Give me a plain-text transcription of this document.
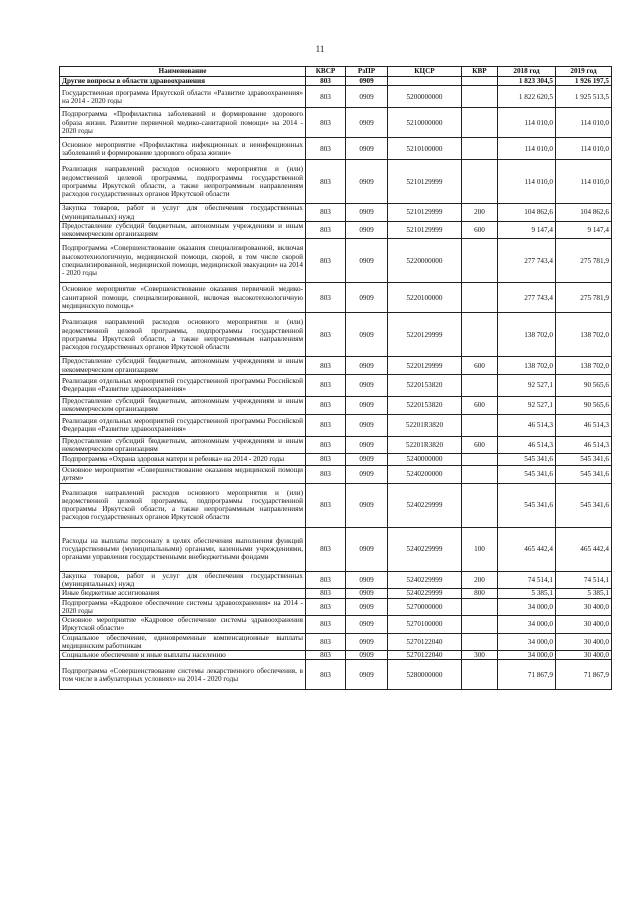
11
Наименование	КВСР	РзПР	КЦСР	КВР	2018 год	2019 год
Другие вопросы в области здравоохранения	803	0909			1 823 304,5	1 926 197,5
Государственная программа Иркутской области «Развитие здравоохранения» на 2014 - 2020 годы	803	0909	5200000000		1 822 620,5	1 925 513,5
Подпрограмма «Профилактика заболеваний и формирование здорового образа жизни. Развитие первичной медико-санитарной помощи» на 2014 - 2020 годы	803	0909	5210000000		114 010,0	114 010,0
Основное мероприятие «Профилактика инфекционных и неинфекционных заболеваний и формирование здорового образа жизни»	803	0909	5210100000		114 010,0	114 010,0
Реализация направлений расходов основного мероприятия и (или) ведомственной целевой программы, подпрограммы государственной программы Иркутской области, а также непрограммным направлениям расходов государственных органов Иркутской области	803	0909	5210129999		114 010,0	114 010,0
Закупка товаров, работ и услуг для обеспечения государственных (муниципальных) нужд	803	0909	5210129999	200	104 862,6	104 862,6
Предоставление субсидий бюджетным, автономным учреждениям и иным некоммерческим организациям	803	0909	5210129999	600	9 147,4	9 147,4
Подпрограмма «Совершенствование оказания специализированной, включая высокотехнологичную, медицинской помощи, скорой, в том числе скорой специализированной, медицинской помощи, медицинской эвакуации» на 2014 - 2020 годы	803	0909	5220000000		277 743,4	275 781,9
Основное мероприятие «Совершенствование оказания первичной медико-санитарной помощи, специализированной, включая высокотехнологичную медицинскую помощь»	803	0909	5220100000		277 743,4	275 781,9
Реализация направлений расходов основного мероприятия и (или) ведомственной целевой программы, подпрограммы государственной программы Иркутской области, а также непрограммным направлениям расходов государственных органов Иркутской области	803	0909	5220129999		138 702,0	138 702,0
Предоставление субсидий бюджетным, автономным учреждениям и иным некоммерческим организациям	803	0909	5220129999	600	138 702,0	138 702,0
Реализация отдельных мероприятий государственной программы Российской Федерации «Развитие здравоохранения»	803	0909	5220153820		92 527,1	90 565,6
Предоставление субсидий бюджетным, автономным учреждениям и иным некоммерческим организациям	803	0909	5220153820	600	92 527,1	90 565,6
Реализация отдельных мероприятий государственной программы Российской Федерации «Развитие здравоохранения»	803	0909	52201R3820		46 514,3	46 514,3
Предоставление субсидий бюджетным, автономным учреждениям и иным некоммерческим организациям	803	0909	52201R3820	600	46 514,3	46 514,3
Подпрограмма «Охрана здоровья матери и ребенка» на 2014 - 2020 годы	803	0909	5240000000		545 341,6	545 341,6
Основное мероприятие «Совершенствование оказания медицинской помощи детям»	803	0909	5240200000		545 341,6	545 341,6
Реализация направлений расходов основного мероприятия и (или) ведомственной целевой программы, подпрограммы государственной программы Иркутской области, а также непрограммным направлениям расходов государственных органов Иркутской области	803	0909	5240229999		545 341,6	545 341,6
Расходы на выплаты персоналу в целях обеспечения выполнения функций государственными (муниципальными) органами, казенными учреждениями, органами управления государственными внебюджетными фондами	803	0909	5240229999	100	465 442,4	465 442,4
Закупка товаров, работ и услуг для обеспечения государственных (муниципальных) нужд	803	0909	5240229999	200	74 514,1	74 514,1
Иные бюджетные ассигнования	803	0909	5240229999	800	5 385,1	5 385,1
Подпрограмма «Кадровое обеспечение системы здравоохранения» на 2014 - 2020 годы	803	0909	5270000000		34 000,0	30 400,0
Основное мероприятие «Кадровое обеспечение системы здравоохранения Иркутской области»	803	0909	5270100000		34 000,0	30 400,0
Социальное обеспечение, единовременные компенсационные выплаты медицинским работникам	803	0909	5270122040		34 000,0	30 400,0
Социальное обеспечение и иные выплаты населению	803	0909	5270122040	300	34 000,0	30 400,0
Подпрограмма «Совершенствование системы лекарственного обеспечения, в том числе в амбулаторных условиях» на 2014 - 2020 годы	803	0909	5280000000		71 867,9	71 867,9
